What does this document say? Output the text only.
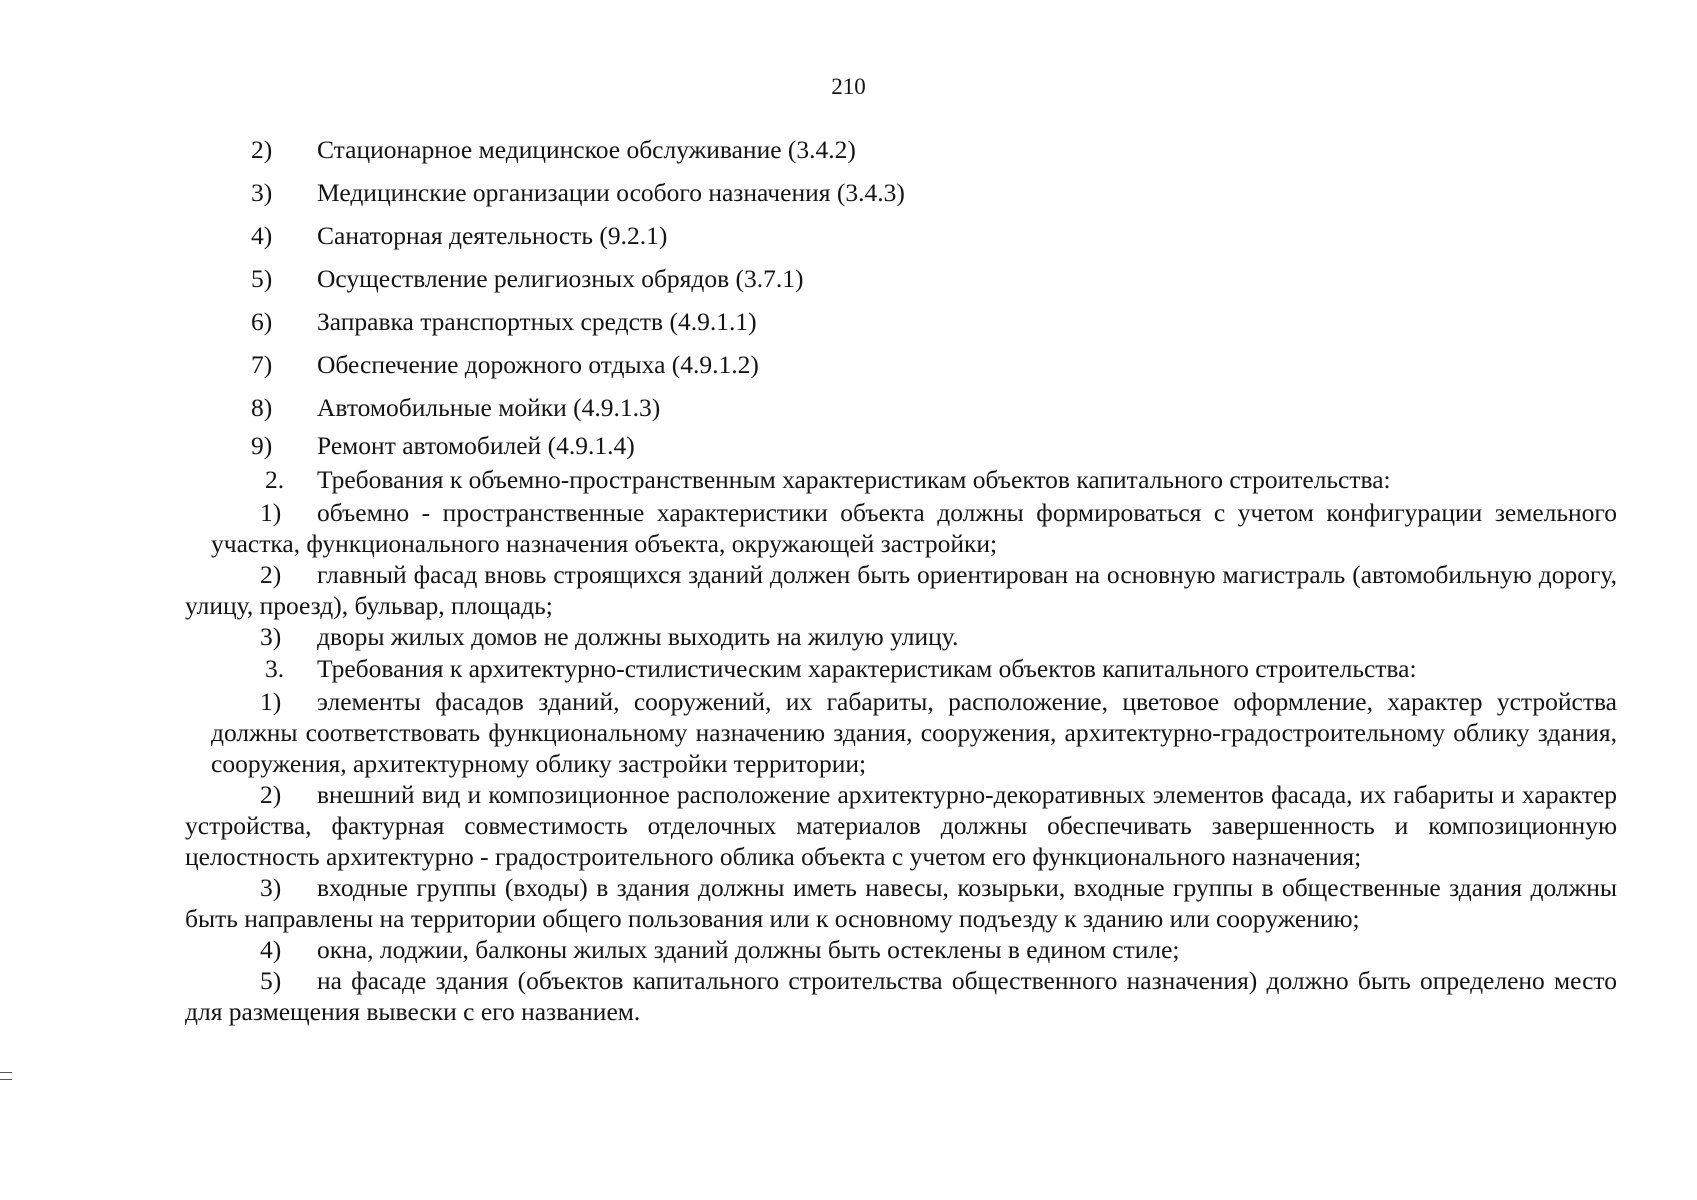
210
2)	Стационарное медицинское обслуживание (3.4.2)
3)	Медицинские организации особого назначения (3.4.3)
4)	Санаторная деятельность (9.2.1)
5)	Осуществление религиозных обрядов (3.7.1)
6)	Заправка транспортных средств (4.9.1.1)
7)	Обеспечение дорожного отдыха (4.9.1.2)
8)	Автомобильные мойки (4.9.1.3)
9)	Ремонт автомобилей (4.9.1.4)
2.	Требования к объемно-пространственным характеристикам объектов капитального строительства:

1) объемно - пространственные характеристики объекта должны формироваться с учетом конфигурации земельного участка, функционального назначения объекта, окружающей застройки;

2) главный фасад вновь строящихся зданий должен быть ориентирован на основную магистраль (автомобильную дорогу, улицу, проезд), бульвар, площадь;

3) дворы жилых домов не должны выходить на жилую улицу.

3.	Требования к архитектурно-стилистическим характеристикам объектов капитального строительства:

1) элементы фасадов зданий, сооружений, их габариты, расположение, цветовое оформление, характер устройства должны соответствовать функциональному назначению здания, сооружения, архитектурно-градостроительному облику здания, сооружения, архитектурному облику застройки территории;

2) внешний вид и композиционное расположение архитектурно-декоративных элементов фасада, их габариты и характер устройства, фактурная совместимость отделочных материалов должны обеспечивать завершенность и композиционную целостность архитектурно - градостроительного облика объекта с учетом его функционального назначения;

3) входные группы (входы) в здания должны иметь навесы, козырьки, входные группы в общественные здания должны быть направлены на территории общего пользования или к основному подъезду к зданию или сооружению;

4) окна, лоджии, балконы жилых зданий должны быть остеклены в едином стиле;

5) на фасаде здания (объектов капитального строительства общественного назначения) должно быть определено место для размещения вывески с его названием.
